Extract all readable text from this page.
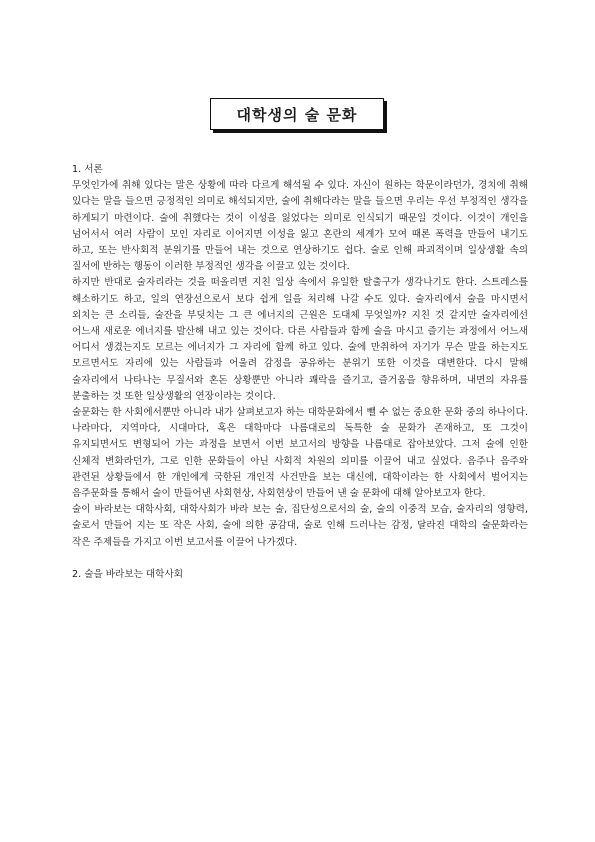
대학생의 술 문화

1. 서론

무엇인가에 취해 있다는 말은 상황에 따라 다르게 해석될 수 있다. 자신이 원하는 학문이라던가, 경치에 취해 있다는 말을 들으면 긍정적인 의미로 해석되지만, 술에 취해다라는 말을 들으면 우리는 우선 부정적인 생각을 하게되기 마련이다. 술에 취했다는 것이 이성을 잃었다는 의미로 인식되기 때문일 것이다. 이것이 개인을 넘어서서 여러 사람이 모인 자리로 이어지면 이성을 잃고 혼란의 세계가 모여 때론 폭력을 만들어 내기도 하고, 또는 반사회적 분위기를 만들어 내는 것으로 연상하기도 쉽다. 술로 인해 파괴적이며 일상생활 속의 질서에 반하는 행동이 이러한 부정적인 생각을 이끌고 있는 것이다.

하지만 반대로 술자리라는 것을 떠올리면 지친 일상 속에서 유일한 탈출구가 생각나기도 한다. 스트레스를 해소하기도 하고, 일의 연장선으로서 보다 쉽게 일을 처리해 나갈 수도 있다. 술자리에서 술을 마시면서 외치는 큰 소리들, 술잔을 부딪치는 그 큰 에너지의 근원은 도대체 무엇일까? 지친 것 같지만 술자리에선 어느새 새로운 에너지를 발산해 내고 있는 것이다. 다른 사람들과 함께 술을 마시고 즐기는 과정에서 어느새 어디서 생겼는지도 모르는 에너지가 그 자리에 함께 하고 있다. 술에 만취하여 자기가 무슨 말을 하는지도 모르면서도 자리에 있는 사람들과 어울려 감정을 공유하는 분위기 또한 이것을 대변한다. 다시 말해 술자리에서 나타나는 무질서와 혼돈 상황뿐만 아니라 쾌락을 즐기고, 즐거움을 향유하며, 내면의 자유를 분출하는 것 또한 일상생활의 연장이라는 것이다.

술문화는 한 사회에서뿐만 아니라 내가 살펴보고자 하는 대학문화에서 뺄 수 없는 중요한 문화 중의 하나이다. 나라마다, 지역마다, 시대마다, 혹은 대학마다 나름대로의 독특한 술 문화가 존재하고, 또 그것이 유지되면서도 변형되어 가는 과정을 보면서 이번 보고서의 방향을 나름대로 잡아보았다. 그저 술에 인한 신체적 변화라던가, 그로 인한 문화들이 아닌 사회적 차원의 의미를 이끌어 내고 싶었다. 음주나 음주와 관련된 상황들에서 한 개인에게 국한된 개인적 사건만을 보는 대신에, 대학이라는 한 사회에서 벌어지는 음주문화를 통해서 술이 만들어낸 사회현상, 사회현상이 만들어 낸 술 문화에 대해 알아보고자 한다.

술이 바라보는 대학사회, 대학사회가 바라 보는 술, 집단성으로서의 술, 술의 이중적 모습, 술자리의 영향력, 술로서 만들어 지는 또 작은 사회, 술에 의한 공감대, 술로 인해 드러나는 감정, 달라진 대학의 술문화라는 작은 주제들을 가지고 이번 보고서를 이끌어 나가겠다.

2. 술을 바라보는 대학사회
